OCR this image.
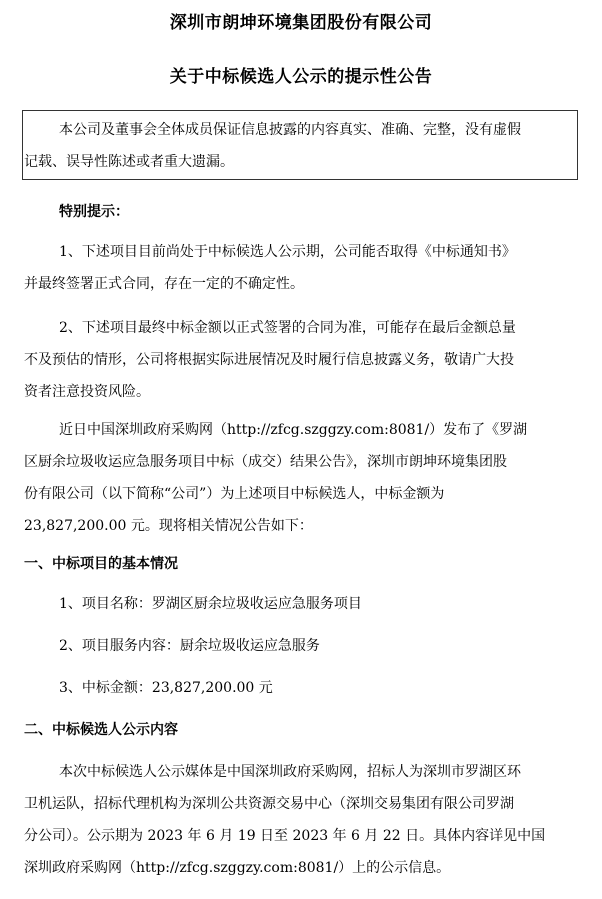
深圳市朗坤环境集团股份有限公司
关于中标候选人公示的提示性公告

本公司及董事会全体成员保证信息披露的内容真实、准确、完整，没有虚假

记载、误导性陈述或者重大遗漏。

特别提示：

1、下述项目目前尚处于中标候选人公示期，公司能否取得《中标通知书》

并最终签署正式合同，存在一定的不确定性。

2、下述项目最终中标金额以正式签署的合同为准，可能存在最后金额总量

不及预估的情形，公司将根据实际进展情况及时履行信息披露义务，敬请广大投

资者注意投资风险。

近日中国深圳政府采购网（http://zfcg.szggzy.com:8081/）发布了《罗湖

区厨余垃圾收运应急服务项目中标（成交）结果公告》，深圳市朗坤环境集团股

份有限公司（以下简称“公司”）为上述项目中标候选人，中标金额为

23,827,200.00 元。现将相关情况公告如下：

一、中标项目的基本情况

1、项目名称：罗湖区厨余垃圾收运应急服务项目

2、项目服务内容：厨余垃圾收运应急服务

3、中标金额：23,827,200.00 元

二、中标候选人公示内容

本次中标候选人公示媒体是中国深圳政府采购网，招标人为深圳市罗湖区环

卫机运队，招标代理机构为深圳公共资源交易中心（深圳交易集团有限公司罗湖

分公司）。公示期为 2023 年 6 月 19 日至 2023 年 6 月 22 日。具体内容详见中国

深圳政府采购网（http://zfcg.szggzy.com:8081/）上的公示信息。
